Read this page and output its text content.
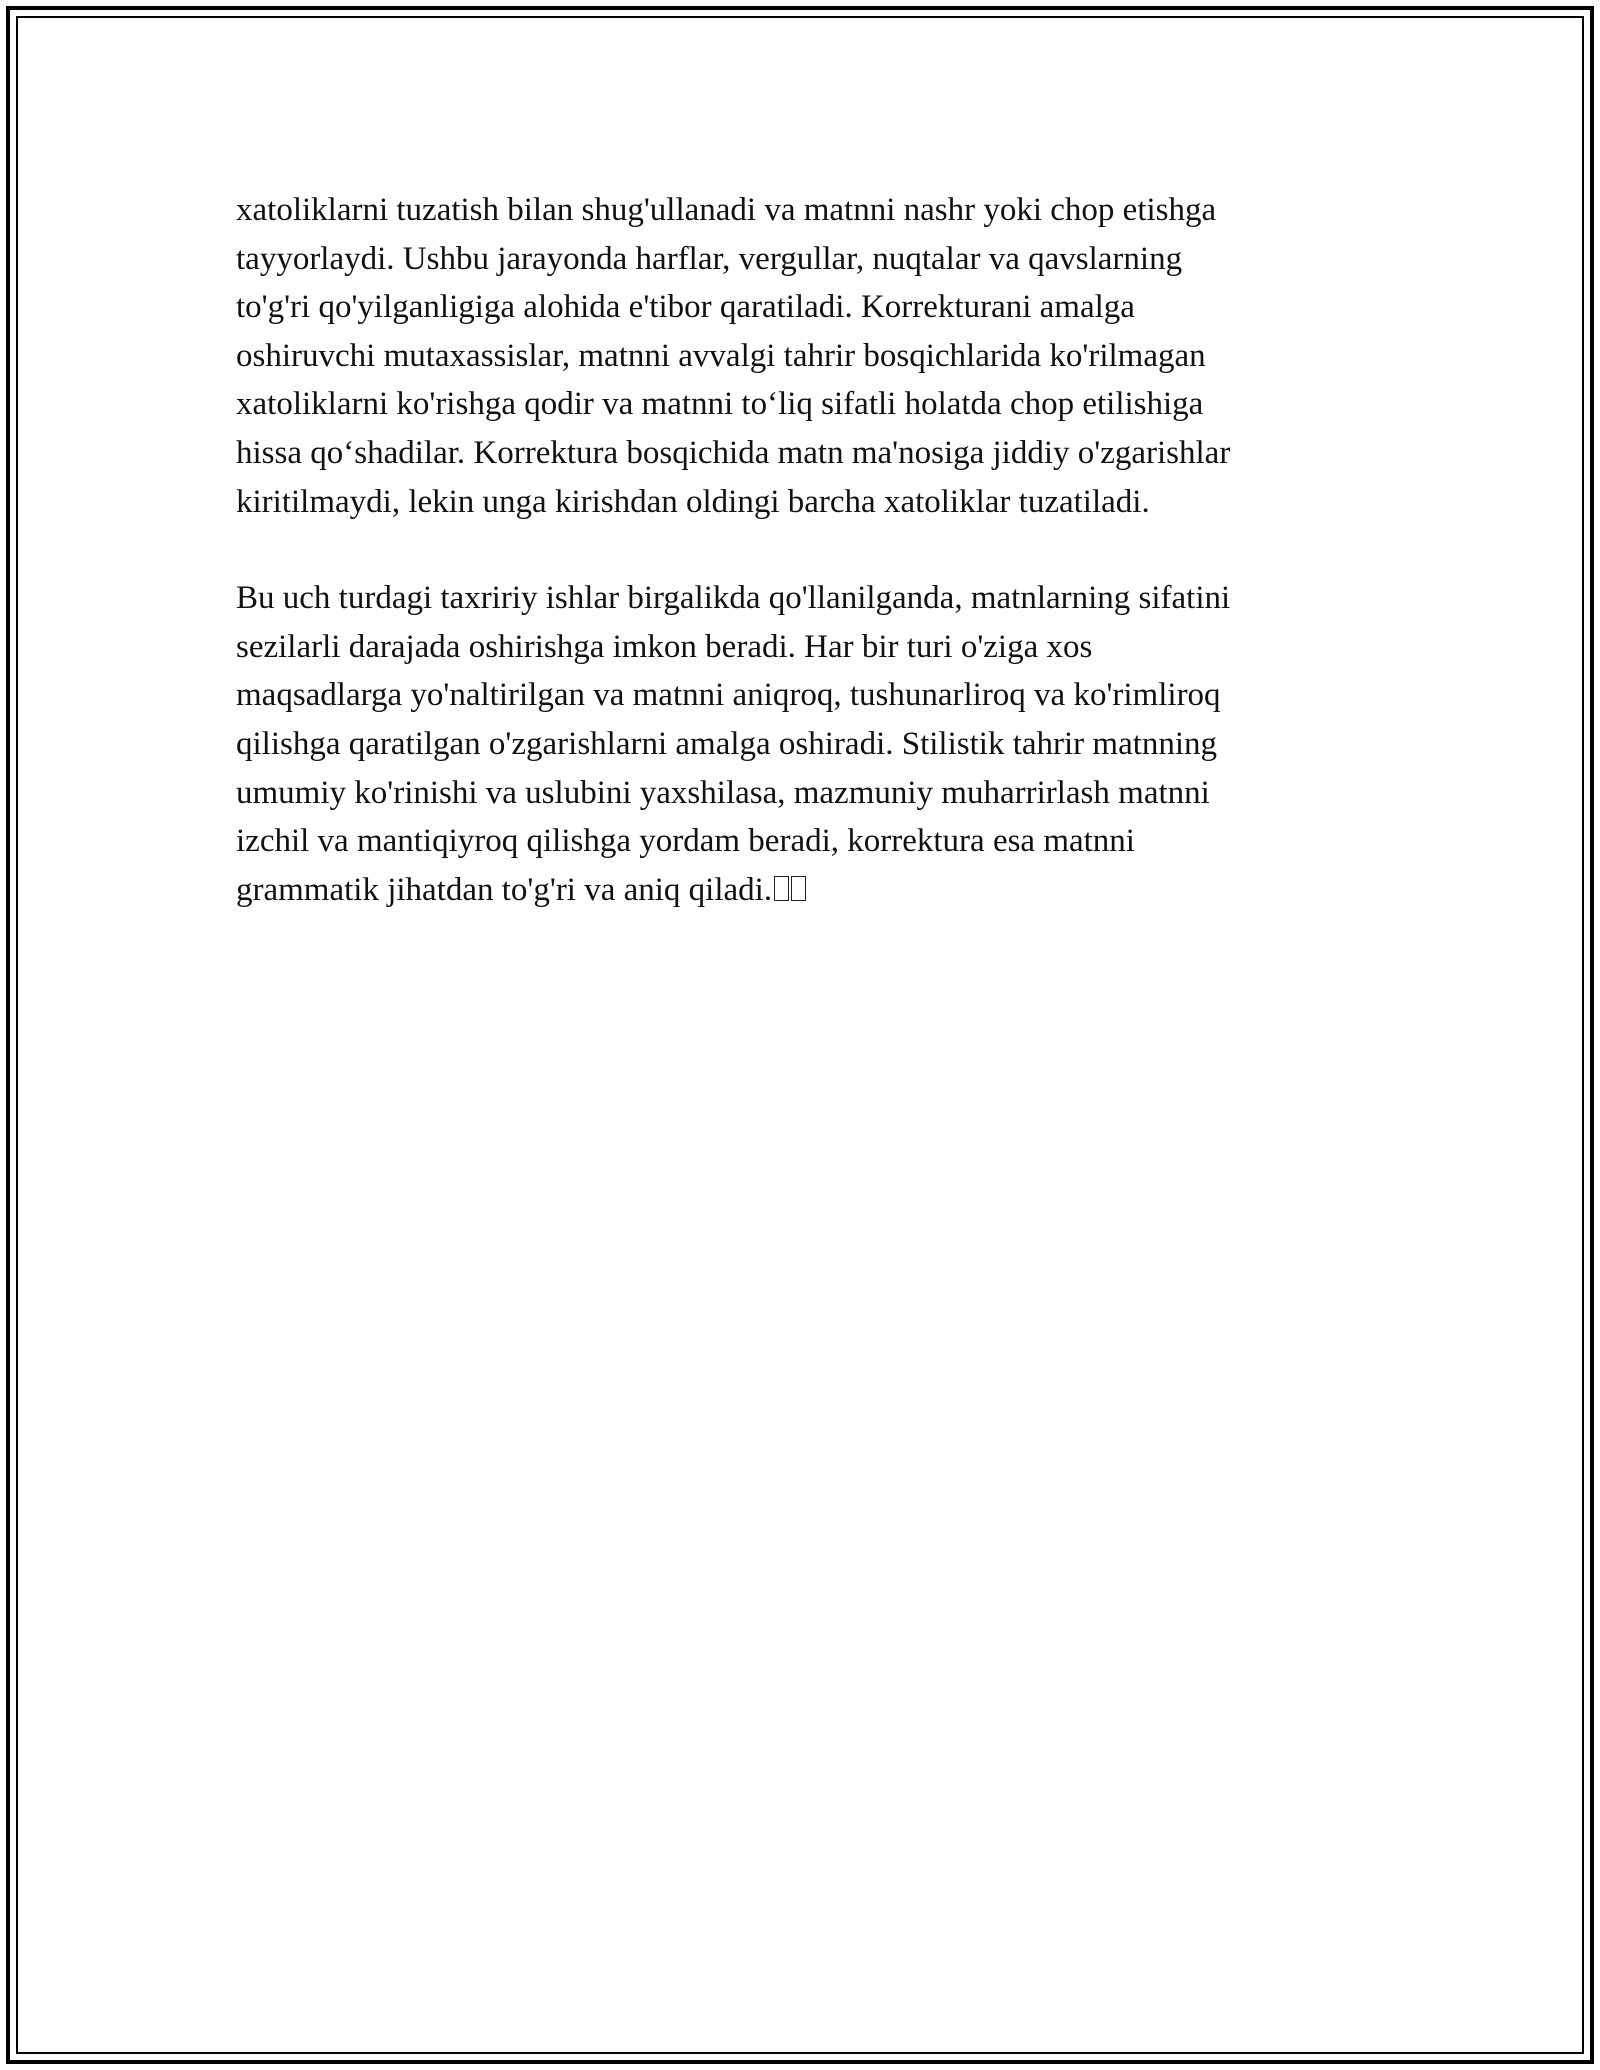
xatoliklarni tuzatish bilan shug'ullanadi va matnni nashr yoki chop etishga
tayyorlaydi. Ushbu jarayonda harflar, vergullar, nuqtalar va qavslarning
to'g'ri qo'yilganligiga alohida e'tibor qaratiladi. Korrekturani amalga
oshiruvchi mutaxassislar, matnni avvalgi tahrir bosqichlarida ko'rilmagan
xatoliklarni ko'rishga qodir va matnni to‘liq sifatli holatda chop etilishiga
hissa qo‘shadilar. Korrektura bosqichida matn ma'nosiga jiddiy o'zgarishlar
kiritilmaydi, lekin unga kirishdan oldingi barcha xatoliklar tuzatiladi.

Bu uch turdagi taxririy ishlar birgalikda qo'llanilganda, matnlarning sifatini
sezilarli darajada oshirishga imkon beradi. Har bir turi o'ziga xos
maqsadlarga yo'naltirilgan va matnni aniqroq, tushunarliroq va ko'rimliroq
qilishga qaratilgan o'zgarishlarni amalga oshiradi. Stilistik tahrir matnning
umumiy ko'rinishi va uslubini yaxshilasa, mazmuniy muharrirlash matnni
izchil va mantiqiyroq qilishga yordam beradi, korrektura esa matnni
grammatik jihatdan to'g'ri va aniq qiladi.
